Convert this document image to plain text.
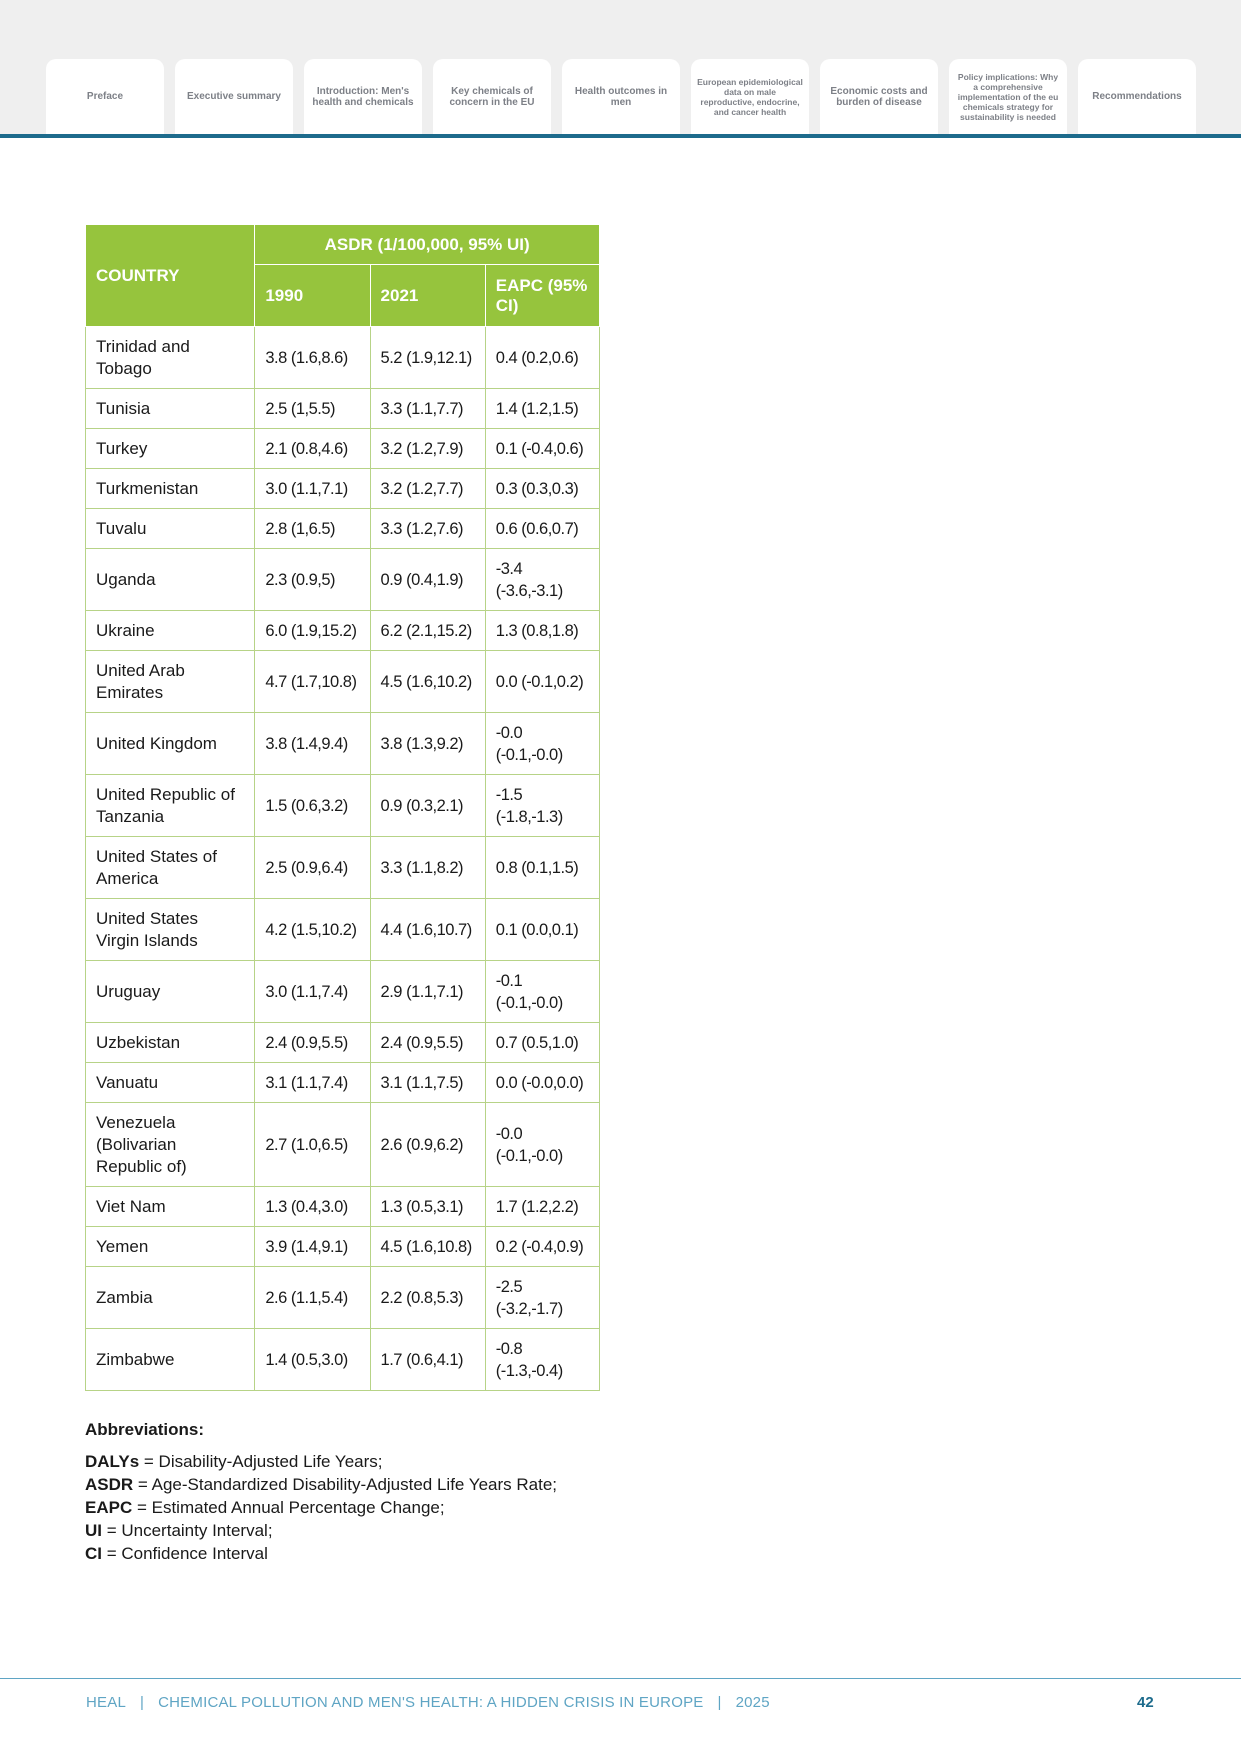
Preface	Executive summary	Introduction: Men's health and chemicals
Key chemicals of concern in the EU
Health outcomes in men
European epidemiological data on male reproductive, endocrine, and cancer health
Economic costs and burden of disease
Policy implications: Why a comprehensive implementation of the eu chemicals strategy for sustainability is needed
Recommendations
COUNTRY	ASDR (1/100,000, 95% UI)		
	1990	2021	EAPC (95% CI)
Trinidad and Tobago	3.8 (1.6,8.6)	5.2 (1.9,12.1)	0.4 (0.2,0.6)
Tunisia	2.5 (1,5.5)	3.3 (1.1,7.7)	1.4 (1.2,1.5)
Turkey	2.1 (0.8,4.6)	3.2 (1.2,7.9)	0.1 (-0.4,0.6)
Turkmenistan	3.0 (1.1,7.1)	3.2 (1.2,7.7)	0.3 (0.3,0.3)
Tuvalu	2.8 (1,6.5)	3.3 (1.2,7.6)	0.6 (0.6,0.7)
Uganda	2.3 (0.9,5)	0.9 (0.4,1.9)	-3.4 (-3.6,-3.1)
Ukraine	6.0 (1.9,15.2)	6.2 (2.1,15.2)	1.3 (0.8,1.8)
United Arab Emirates	4.7 (1.7,10.8)	4.5 (1.6,10.2)	0.0 (-0.1,0.2)
United Kingdom	3.8 (1.4,9.4)	3.8 (1.3,9.2)	-0.0 (-0.1,-0.0)
United Republic of Tanzania	1.5 (0.6,3.2)	0.9 (0.3,2.1)	-1.5 (-1.8,-1.3)
United States of America	2.5 (0.9,6.4)	3.3 (1.1,8.2)	0.8 (0.1,1.5)
United States Virgin Islands	4.2 (1.5,10.2)	4.4 (1.6,10.7)	0.1 (0.0,0.1)
Uruguay	3.0 (1.1,7.4)	2.9 (1.1,7.1)	-0.1 (-0.1,-0.0)
Uzbekistan	2.4 (0.9,5.5)	2.4 (0.9,5.5)	0.7 (0.5,1.0)
Vanuatu	3.1 (1.1,7.4)	3.1 (1.1,7.5)	0.0 (-0.0,0.0)
Venezuela (Bolivarian Republic of)	2.7 (1.0,6.5)	2.6 (0.9,6.2)	-0.0 (-0.1,-0.0)
Viet Nam	1.3 (0.4,3.0)	1.3 (0.5,3.1)	1.7 (1.2,2.2)
Yemen	3.9 (1.4,9.1)	4.5 (1.6,10.8)	0.2 (-0.4,0.9)
Zambia	2.6 (1.1,5.4)	2.2 (0.8,5.3)	-2.5 (-3.2,-1.7)
Zimbabwe	1.4 (0.5,3.0)	1.7 (0.6,4.1)	-0.8 (-1.3,-0.4)
Abbreviations:
DALYs = Disability-Adjusted Life Years;
ASDR = Age-Standardized Disability-Adjusted Life Years Rate;
EAPC = Estimated Annual Percentage Change;
UI = Uncertainty Interval;
CI = Confidence Interval
HEAL | CHEMICAL POLLUTION AND MEN'S HEALTH: A HIDDEN CRISIS IN EUROPE | 2025	42
